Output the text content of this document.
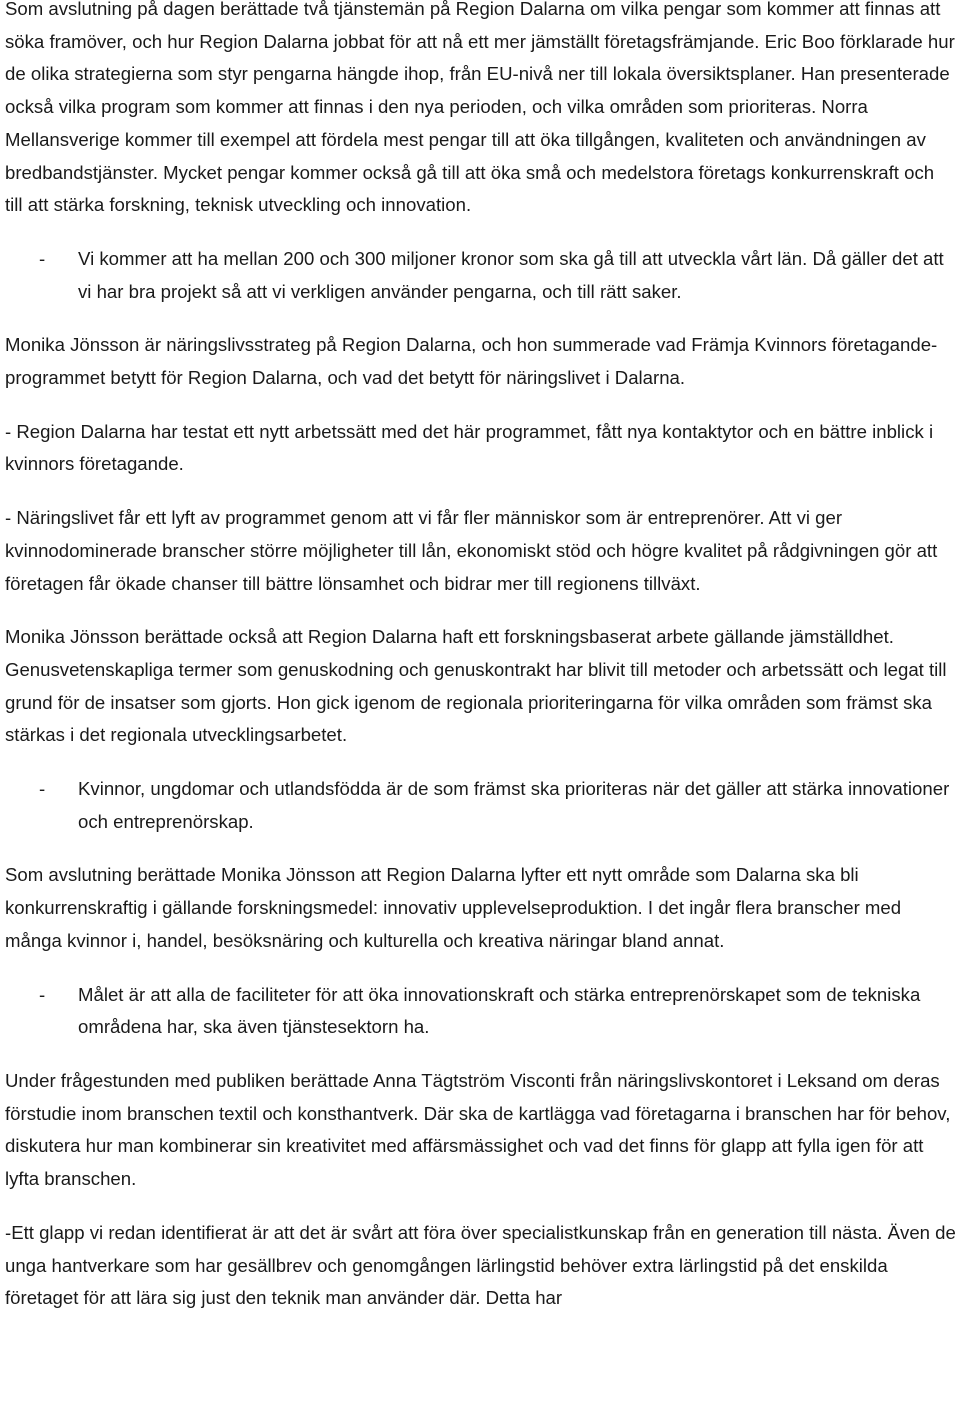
Som avslutning på dagen berättade två tjänstemän på Region Dalarna om vilka pengar som kommer att finnas att söka framöver, och hur Region Dalarna jobbat för att nå ett mer jämställt företagsfrämjande. Eric Boo förklarade hur de olika strategierna som styr pengarna hängde ihop, från EU-nivå ner till lokala översiktsplaner. Han presenterade också vilka program som kommer att finnas i den nya perioden, och vilka områden som prioriteras. Norra Mellansverige kommer till exempel att fördela mest pengar till att öka tillgången, kvaliteten och användningen av bredbandstjänster. Mycket pengar kommer också gå till att öka små och medelstora företags konkurrenskraft och till att stärka forskning, teknisk utveckling och innovation.

-	Vi kommer att ha mellan 200 och 300 miljoner kronor som ska gå till att utveckla vårt län. Då gäller det att vi har bra projekt så att vi verkligen använder pengarna, och till rätt saker.

Monika Jönsson är näringslivsstrateg på Region Dalarna, och hon summerade vad Främja Kvinnors företagande-programmet betytt för Region Dalarna, och vad det betytt för näringslivet i Dalarna.

- Region Dalarna har testat ett nytt arbetssätt med det här programmet, fått nya kontaktytor och en bättre inblick i kvinnors företagande.

- Näringslivet får ett lyft av programmet genom att vi får fler människor som är entreprenörer. Att vi ger kvinnodominerade branscher större möjligheter till lån, ekonomiskt stöd och högre kvalitet på rådgivningen gör att företagen får ökade chanser till bättre lönsamhet och bidrar mer till regionens tillväxt.

Monika Jönsson berättade också att Region Dalarna haft ett forskningsbaserat arbete gällande jämställdhet. Genusvetenskapliga termer som genuskodning och genuskontrakt har blivit till metoder och arbetssätt och legat till grund för de insatser som gjorts. Hon gick igenom de regionala prioriteringarna för vilka områden som främst ska stärkas i det regionala utvecklingsarbetet.

-	Kvinnor, ungdomar och utlandsfödda är de som främst ska prioriteras när det gäller att stärka innovationer och entreprenörskap.

Som avslutning berättade Monika Jönsson att Region Dalarna lyfter ett nytt område som Dalarna ska bli konkurrenskraftig i gällande forskningsmedel: innovativ upplevelseproduktion. I det ingår flera branscher med många kvinnor i, handel, besöksnäring och kulturella och kreativa näringar bland annat.

-	Målet är att alla de faciliteter för att öka innovationskraft och stärka entreprenörskapet som de tekniska områdena har, ska även tjänstesektorn ha.

Under frågestunden med publiken berättade Anna Tägtström Visconti från näringslivskontoret i Leksand om deras förstudie inom branschen textil och konsthantverk. Där ska de kartlägga vad företagarna i branschen har för behov, diskutera hur man kombinerar sin kreativitet med affärsmässighet och vad det finns för glapp att fylla igen för att lyfta branschen.

-Ett glapp vi redan identifierat är att det är svårt att föra över specialistkunskap från en generation till nästa. Även de unga hantverkare som har gesällbrev och genomgången lärlingstid behöver extra lärlingstid på det enskilda företaget för att lära sig just den teknik man använder där. Detta har
